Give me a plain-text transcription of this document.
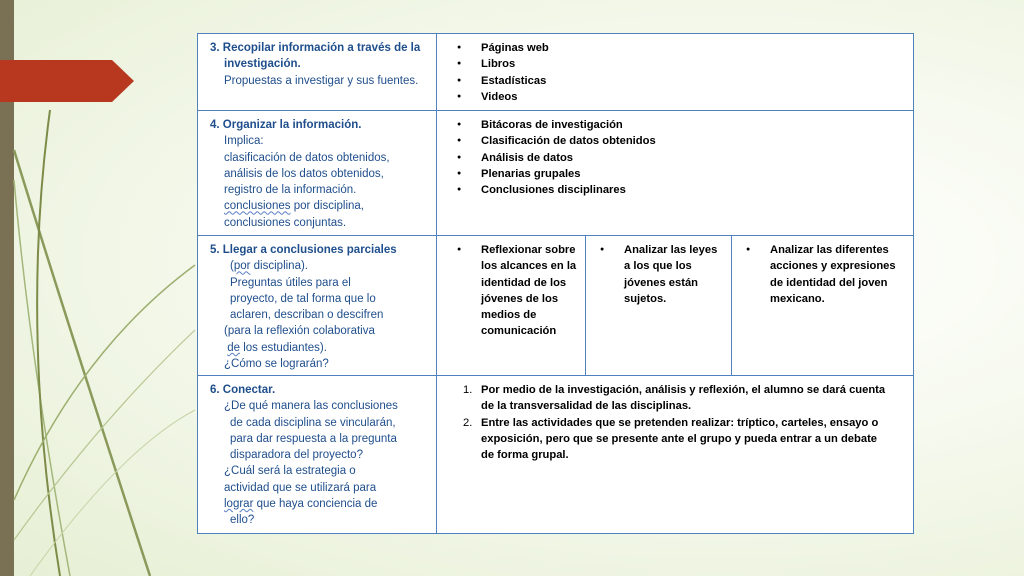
3. Recopilar información a través de la
investigación.
Propuestas a investigar y sus fuentes.
● Páginas web
● Libros
● Estadísticas
● Videos
4. Organizar la información.
Implica:
clasificación de datos obtenidos,
análisis de los datos obtenidos,
registro de la información.
conclusiones por disciplina,
conclusiones conjuntas.
● Bitácoras de investigación
● Clasificación de datos obtenidos
● Análisis de datos
● Plenarias grupales
● Conclusiones disciplinares
5. Llegar a conclusiones parciales
(por disciplina).
Preguntas útiles para el
proyecto, de tal forma que lo
aclaren, describan o descifren
(para la reflexión colaborativa
de los estudiantes).
¿Cómo se lograrán?
● Reflexionar sobre
los alcances en la
identidad de los
jóvenes de los
medios de
comunicación
● Analizar las leyes
a los que los
jóvenes están
sujetos.
● Analizar las diferentes
acciones y expresiones
de identidad del joven
mexicano.
6. Conectar.
¿De qué manera las conclusiones
de cada disciplina se vincularán,
para dar respuesta a la pregunta
disparadora del proyecto?
¿Cuál será la estrategia o
actividad que se utilizará para
lograr que haya conciencia de
ello?
1. Por medio de la investigación, análisis y reflexión, el alumno se dará cuenta
de la transversalidad de las disciplinas.
2. Entre las actividades que se pretenden realizar: tríptico, carteles, ensayo o
exposición, pero que se presente ante el grupo y pueda entrar a un debate
de forma grupal.
